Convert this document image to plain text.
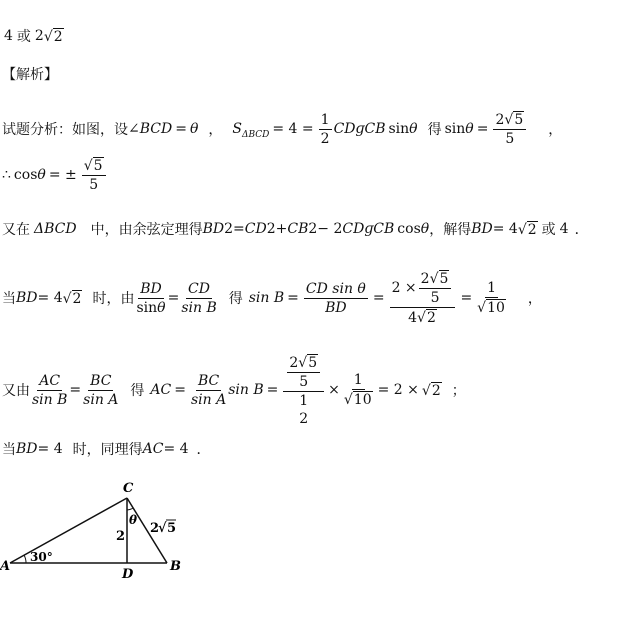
4 或 2 √ 2
【解析】
试题分析：如图，设 ∠ BCD = θ ， S $\Delta BCD = 4 = \frac{1}{2}$ CDɡCB sin θ 得 $\sin \theta = \frac{2 √ 5}{5}$ ，
∴ cos θ = ± $\frac{√ 5}{5}$
又在 ΔBCD 中，由余弦定理得 BD 2 = CD 2 + CB 2 − 2 CDɡCB cos θ ，解得 BD = 4 √ 2 或 4 ．
当 BD = 4 √ 2 时，由 $\frac{BD}{\sin\theta} = \frac{CD}{\text{sin B}}$ 得 $\sin B = \frac{\text{CD sin θ}}{BD} = \frac{2 \times \frac{2 √ 5}{5}}{4 √ 2} = \frac{1}{√ 10}$ ，
又由 $\frac{AC}{\text{sin B}} = \frac{BC}{\text{sin A}}$ 得 AC = $\frac{BC}{\text{sin A}}$ $\sin B = \frac{2 √ 5}{5}$
1
$2 \times \frac{1}{√ 10} = 2$ × √ 2 ；
当 BD = 4 时，同理得 AC = 4 ．
A	B
C
D
30°
θ
2
2
√ 5
